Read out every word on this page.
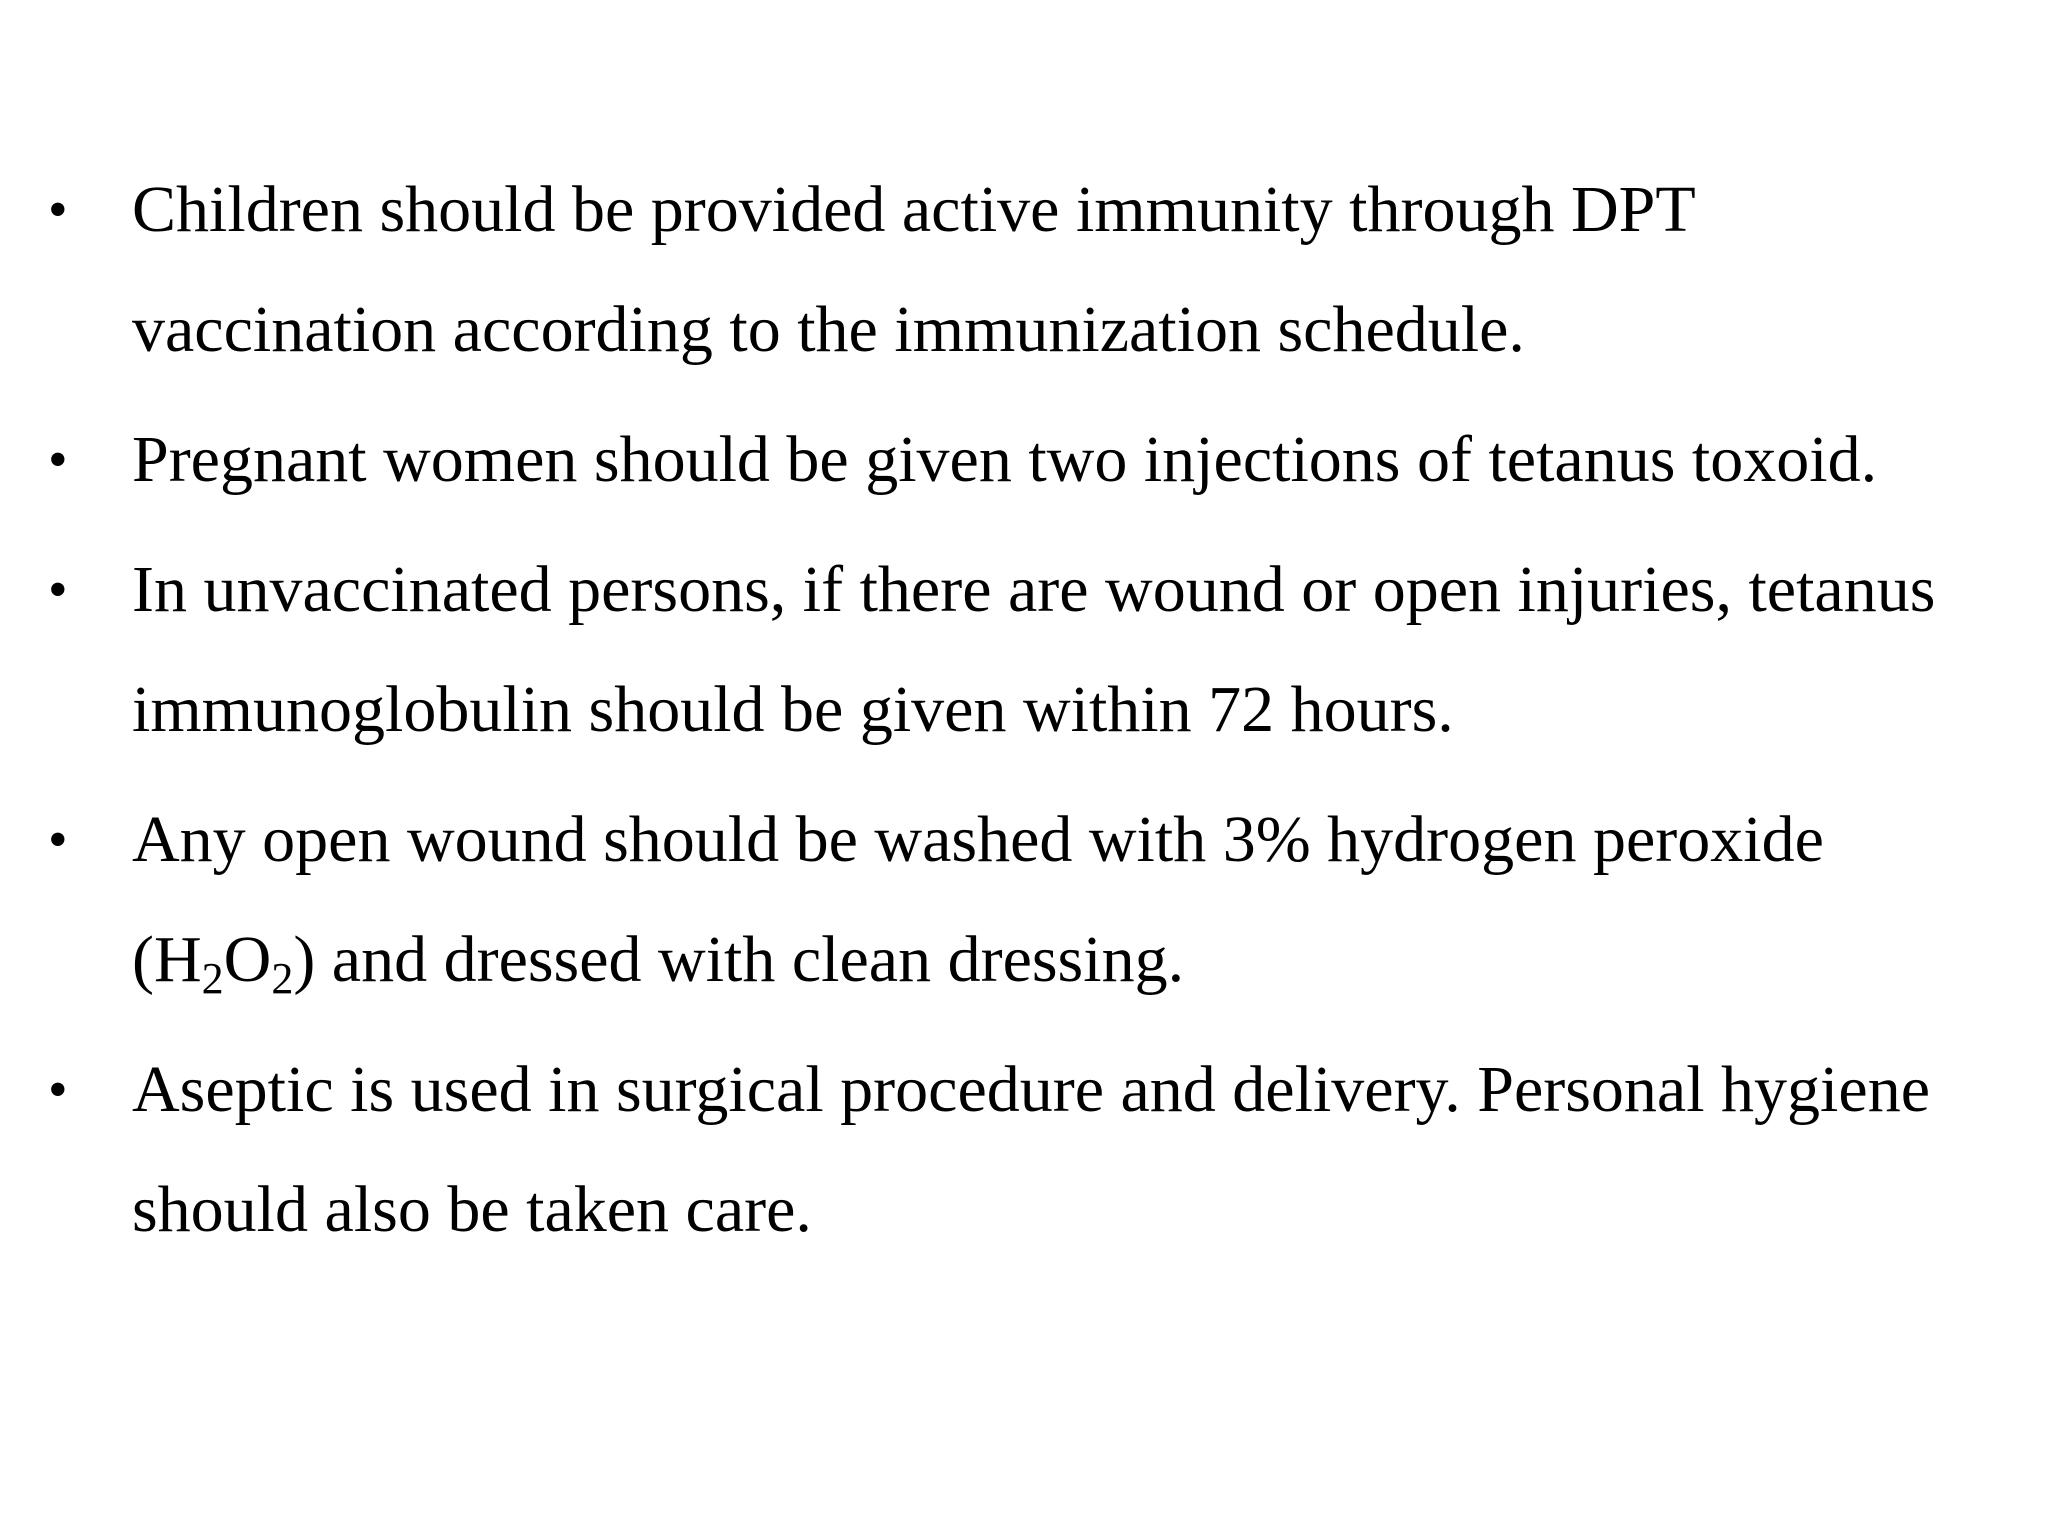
• Children should be provided active immunity through DPT vaccination according to the immunization schedule.
• Pregnant women should be given two injections of tetanus toxoid.
• In unvaccinated persons, if there are wound or open injuries, tetanus immunoglobulin should be given within 72 hours.
• Any open wound should be washed with 3% hydrogen peroxide $(H_2O_2)$ and dressed with clean dressing.
• Aseptic is used in surgical procedure and delivery. Personal hygiene should also be taken care.
